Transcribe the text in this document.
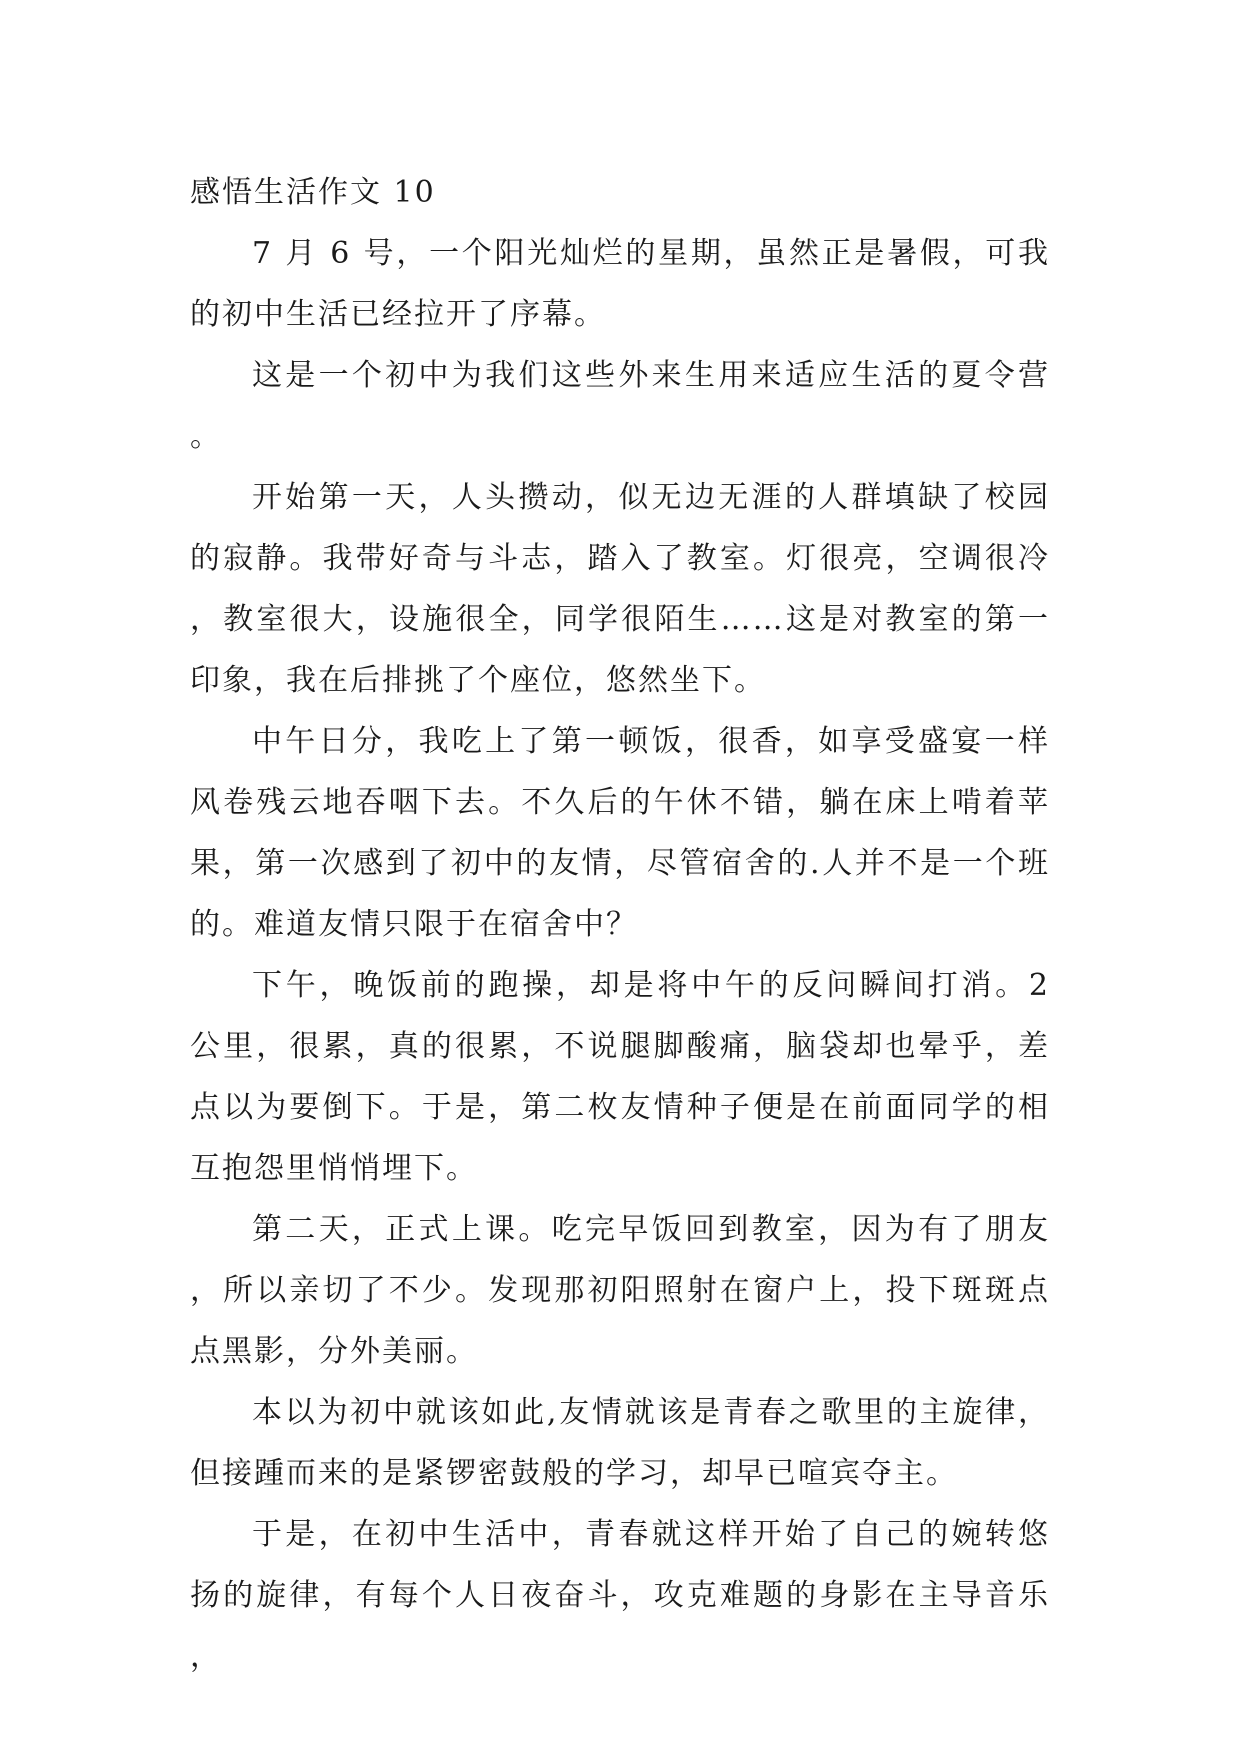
感悟生活作文 10

7 月 6 号，一个阳光灿烂的星期，虽然正是暑假，可我的初中生活已经拉开了序幕。

这是一个初中为我们这些外来生用来适应生活的夏令营。

开始第一天，人头攒动，似无边无涯的人群填缺了校园的寂静。我带好奇与斗志，踏入了教室。灯很亮，空调很冷，教室很大，设施很全，同学很陌生……这是对教室的第一印象，我在后排挑了个座位，悠然坐下。

中午日分，我吃上了第一顿饭，很香，如享受盛宴一样风卷残云地吞咽下去。不久后的午休不错，躺在床上啃着苹果，第一次感到了初中的友情，尽管宿舍的.人并不是一个班的。难道友情只限于在宿舍中？

下午，晚饭前的跑操，却是将中午的反问瞬间打消。2 公里，很累，真的很累，不说腿脚酸痛，脑袋却也晕乎，差点以为要倒下。于是，第二枚友情种子便是在前面同学的相互抱怨里悄悄埋下。

第二天，正式上课。吃完早饭回到教室，因为有了朋友，所以亲切了不少。发现那初阳照射在窗户上，投下斑斑点点黑影，分外美丽。

本以为初中就该如此,友情就该是青春之歌里的主旋律，但接踵而来的是紧锣密鼓般的学习，却早已喧宾夺主。

于是，在初中生活中，青春就这样开始了自己的婉转悠扬的旋律，有每个人日夜奋斗，攻克难题的身影在主导音乐，
